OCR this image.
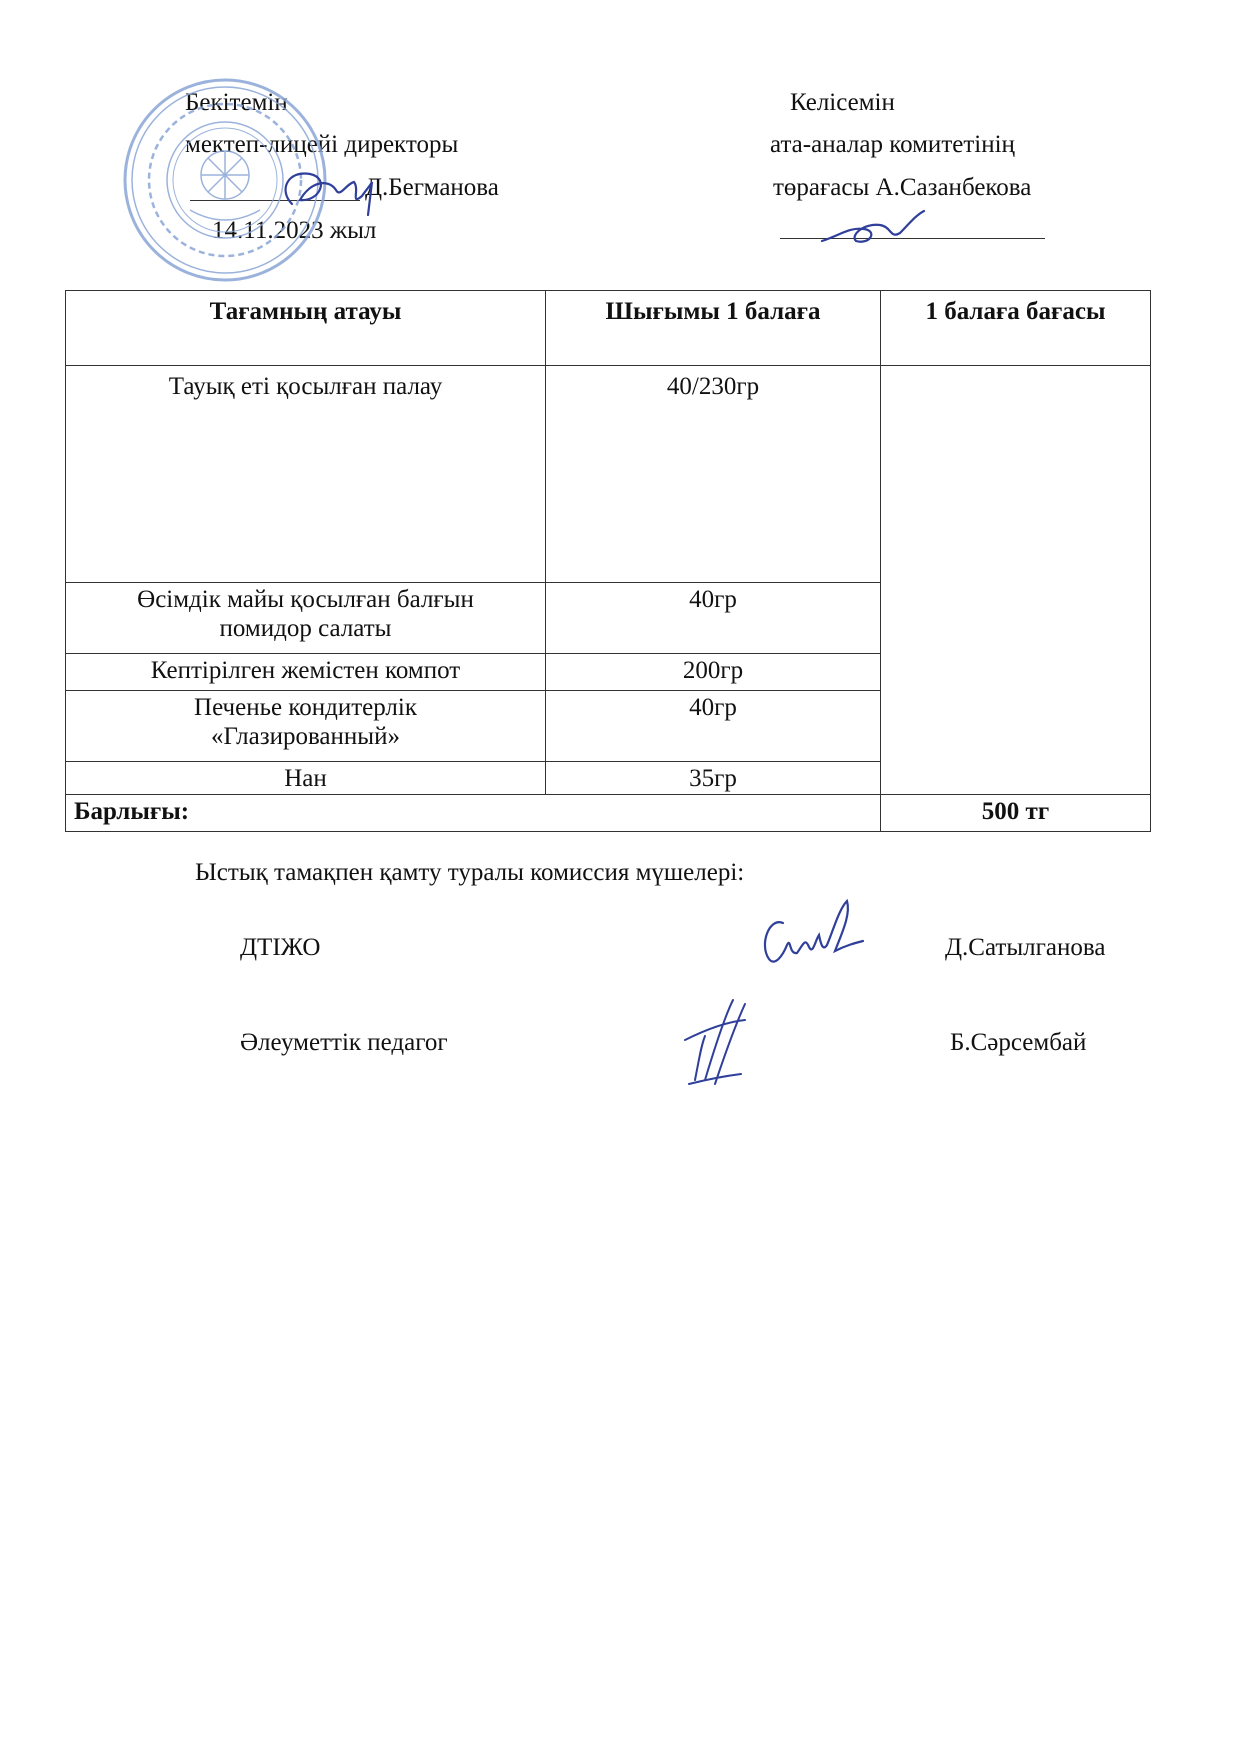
Бекітемін
мектеп-лицейі директоры
Д.Бегманова
14.11.2023 жыл
Келісемін
ата-аналар комитетінің
төрағасы А.Сазанбекова
Тағамның атауы	Шығымы 1 балаға	1 балаға бағасы

Тауық еті қосылған палау	40/230гр	

Өсімдік майы қосылған балғын
помидор салаты	40гр	

Кептірілген жемістен компот	200гр	

Печенье кондитерлік
«Глазированный»	40гр	

Нан	35гр	
Барлығы:		500 тг
Ыстық тамақпен қамту туралы комиссия мүшелері:
ДТІЖО	Д.Сатылганова
Әлеуметтік педагог	Б.Сәрсембай
